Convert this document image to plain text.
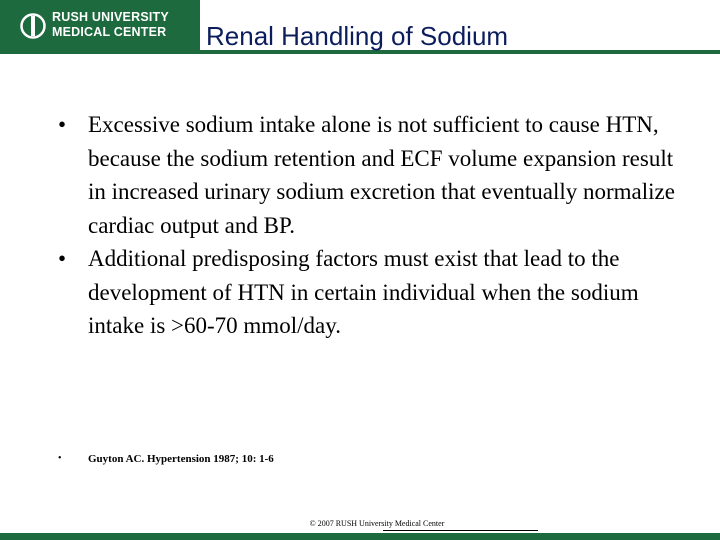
RUSH UNIVERSITY
MEDICAL CENTER	Renal Handling of Sodium
• Excessive sodium intake alone is not sufficient to cause HTN, because the sodium retention and ECF volume expansion result in increased urinary sodium excretion that eventually normalize cardiac output and BP.
• Additional predisposing factors must exist that lead to the development of HTN in certain individual when the sodium intake is >60-70 mmol/day.
•	Guyton AC. Hypertension 1987; 10: 1-6
© 2007 RUSH University Medical Center
